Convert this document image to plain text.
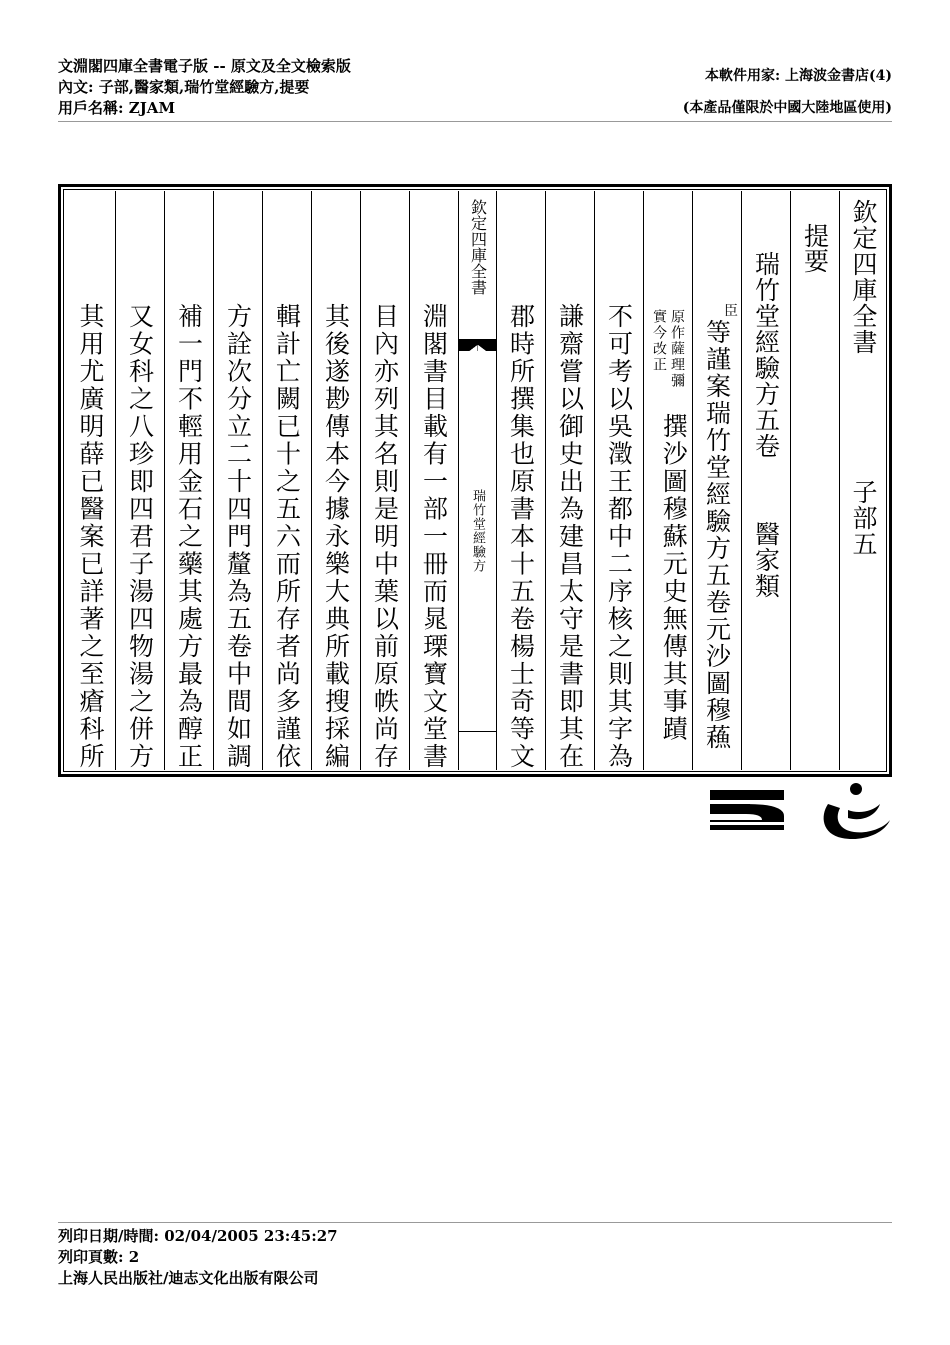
文淵閣四庫全書電子版 -- 原文及全文檢索版
內文: 子部,醫家類,瑞竹堂經驗方,提要
用戶名稱: ZJAM
本軟件用家: 上海波金書店(4)
(本產品僅限於中國大陸地區使用)
欽定四庫全書
子部五
提要
瑞竹堂經驗方五卷
醫家類
臣
等謹案瑞竹堂經驗方五卷元沙圖穆蘓
原作薩理彌
實今改正
撰沙圖穆蘇元史無傳其事蹟
不可考以吳澂王都中二序核之則其字為
謙齋嘗以御史出為建昌太守是書即其在
郡時所撰集也原書本十五卷楊士奇等文
欽定四庫全書
瑞竹堂經驗方
淵閣書目載有一部一冊而晁瑮寶文堂書
目內亦列其名則是明中葉以前原帙尚存
其後遂尠傳本今據永樂大典所載搜採編
輯計亡闕已十之五六而所存者尚多謹依
方詮次分立二十四門釐為五卷中間如調
補一門不輕用金石之藥其處方最為醇正
又女科之八珍即四君子湯四物湯之併方
其用尤廣明薛已醫案已詳著之至瘡科所
列印日期/時間: 02/04/2005 23:45:27
列印頁數: 2
上海人民出版社/迪志文化出版有限公司
